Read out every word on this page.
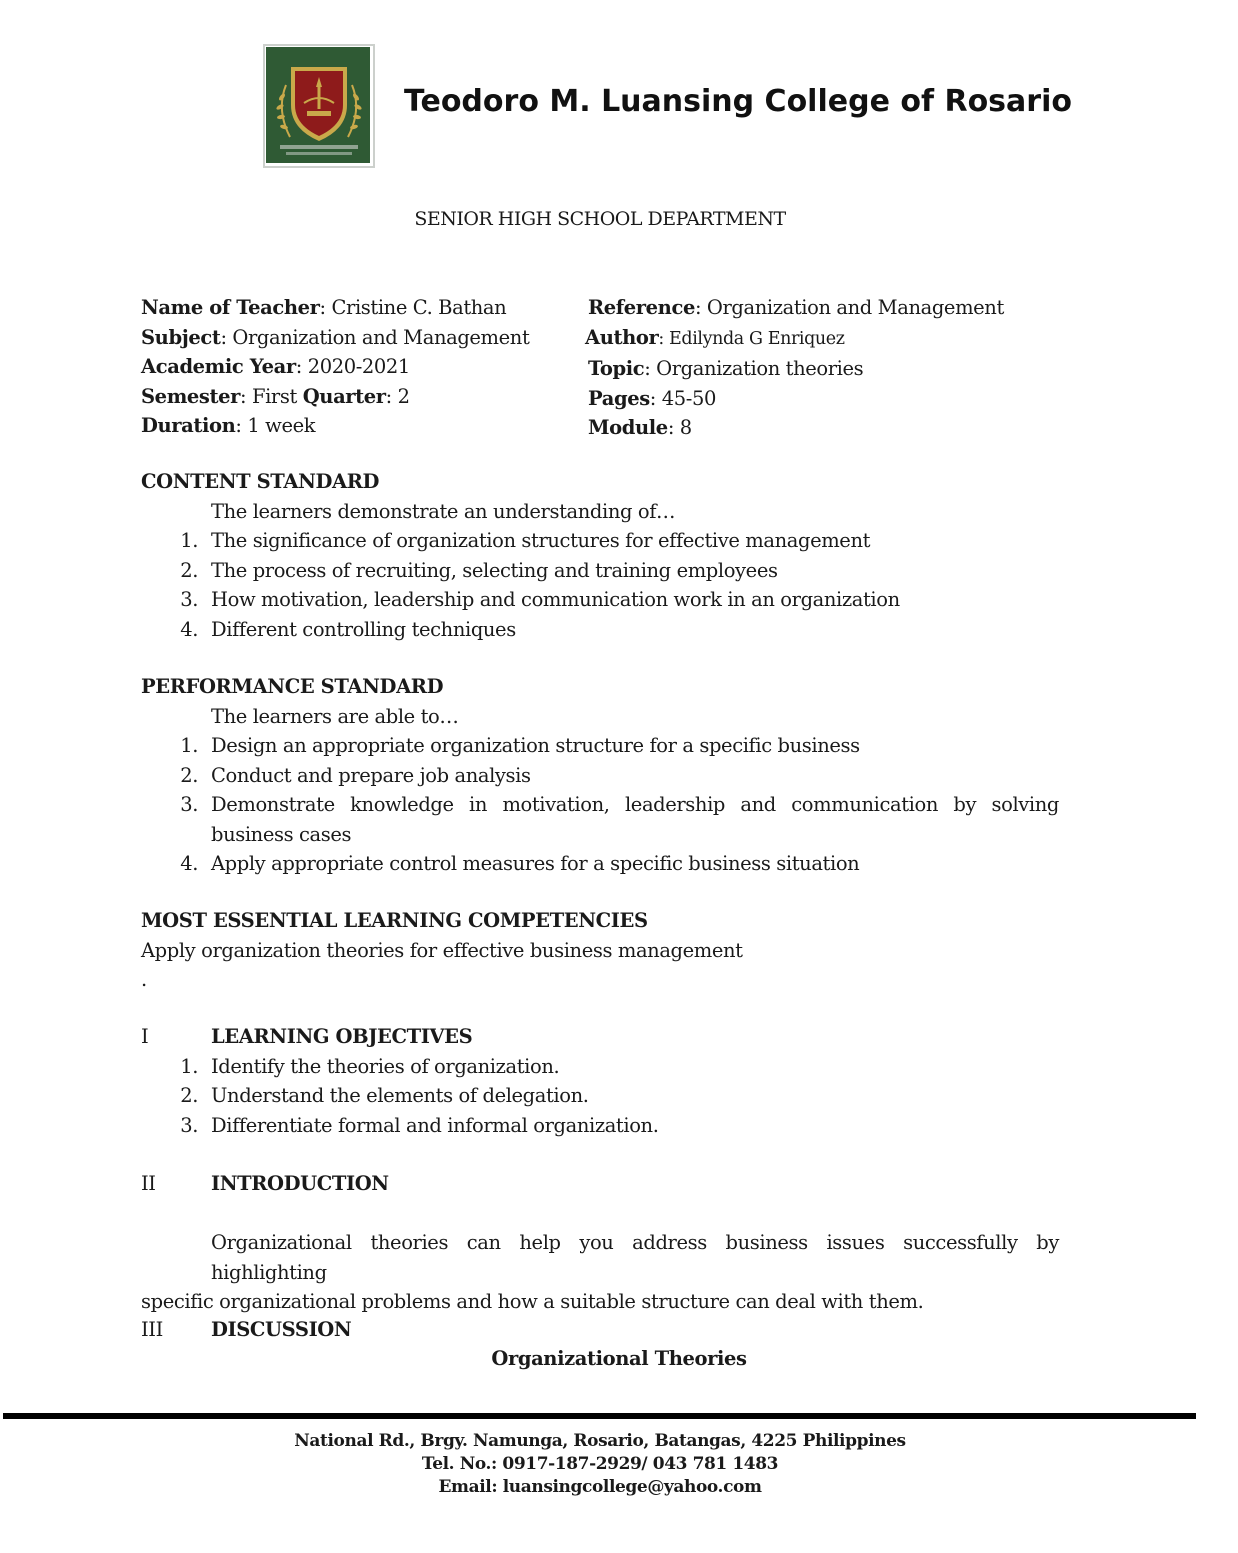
Teodoro M. Luansing College of Rosario
SENIOR HIGH SCHOOL DEPARTMENT
Name of Teacher: Cristine C. Bathan
Subject: Organization and Management
Academic Year: 2020-2021
Semester: First Quarter: 2
Duration: 1 week
Reference: Organization and Management
Author: Edilynda G Enriquez
Topic: Organization theories
Pages: 45-50
Module: 8
CONTENT STANDARD
The learners demonstrate an understanding of…
1. The significance of organization structures for effective management
2. The process of recruiting, selecting and training employees
3. How motivation, leadership and communication work in an organization
4. Different controlling techniques
PERFORMANCE STANDARD
The learners are able to…
1. Design an appropriate organization structure for a specific business
2. Conduct and prepare job analysis
3. Demonstrate knowledge in motivation, leadership and communication by solving
business cases
4. Apply appropriate control measures for a specific business situation
MOST ESSENTIAL LEARNING COMPETENCIES
Apply organization theories for effective business management
.
I	LEARNING OBJECTIVES
1. Identify the theories of organization.
2. Understand the elements of delegation.
3. Differentiate formal and informal organization.
II	INTRODUCTION
Organizational theories can help you address business issues successfully by highlighting
specific organizational problems and how a suitable structure can deal with them.
III DISCUSSION
Organizational Theories
National Rd., Brgy. Namunga, Rosario, Batangas, 4225 Philippines
Tel. No.: 0917-187-2929/ 043 781 1483
Email: luansingcollege@yahoo.com
